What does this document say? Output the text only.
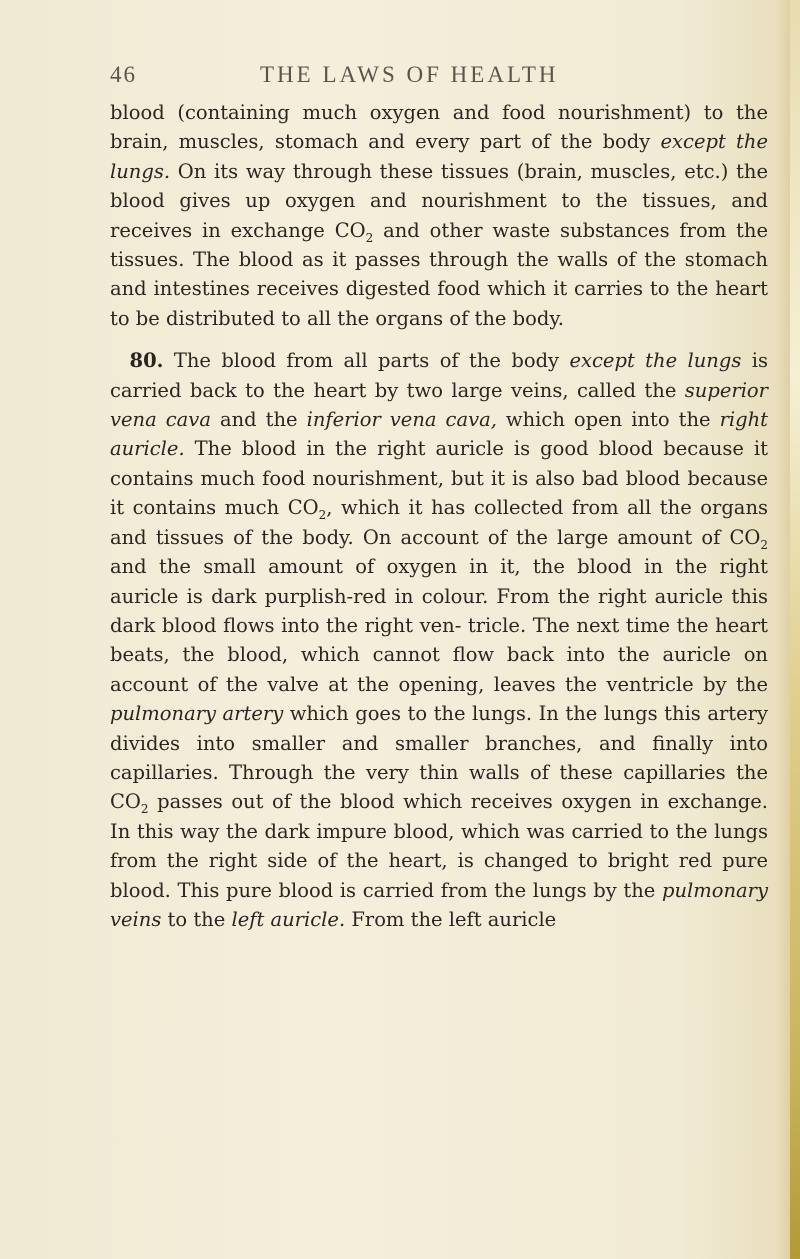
46	THE LAWS OF HEALTH

blood (containing much oxygen and food nourishment) to the brain, muscles, stomach and every part of the body except the lungs. On its way through these tissues (brain, muscles, etc.) the blood gives up oxygen and nourishment to the tissues, and receives in exchange $CO_2$ and other waste substances from the tissues. The blood as it passes through the walls of the stomach and intestines receives digested food which it carries to the heart to be distributed to all the organs of the body.

 80. The blood from all parts of the body except the lungs is carried back to the heart by two large veins, called the superior vena cava and the inferior vena cava, which open into the right auricle. The blood in the right auricle is good blood because it contains much food nourishment, but it is also bad blood because it contains much $CO_2$, which it has collected from all the organs and tissues of the body. On account of the large amount of $CO_2$ and the small amount of oxygen in it, the blood in the right auricle is dark purplish-red in colour. From the right auricle this dark blood flows into the right ven- tricle. The next time the heart beats, the blood, which cannot flow back into the auricle on account of the valve at the opening, leaves the ventricle by the pulmonary artery which goes to the lungs. In the lungs this artery divides into smaller and smaller branches, and finally into capillaries. Through the very thin walls of these capillaries the $CO_2$ passes out of the blood which receives oxygen in exchange. In this way the dark impure blood, which was carried to the lungs from the right side of the heart, is changed to bright red pure blood. This pure blood is carried from the lungs by the pulmonary veins to the left auricle. From the left auricle
